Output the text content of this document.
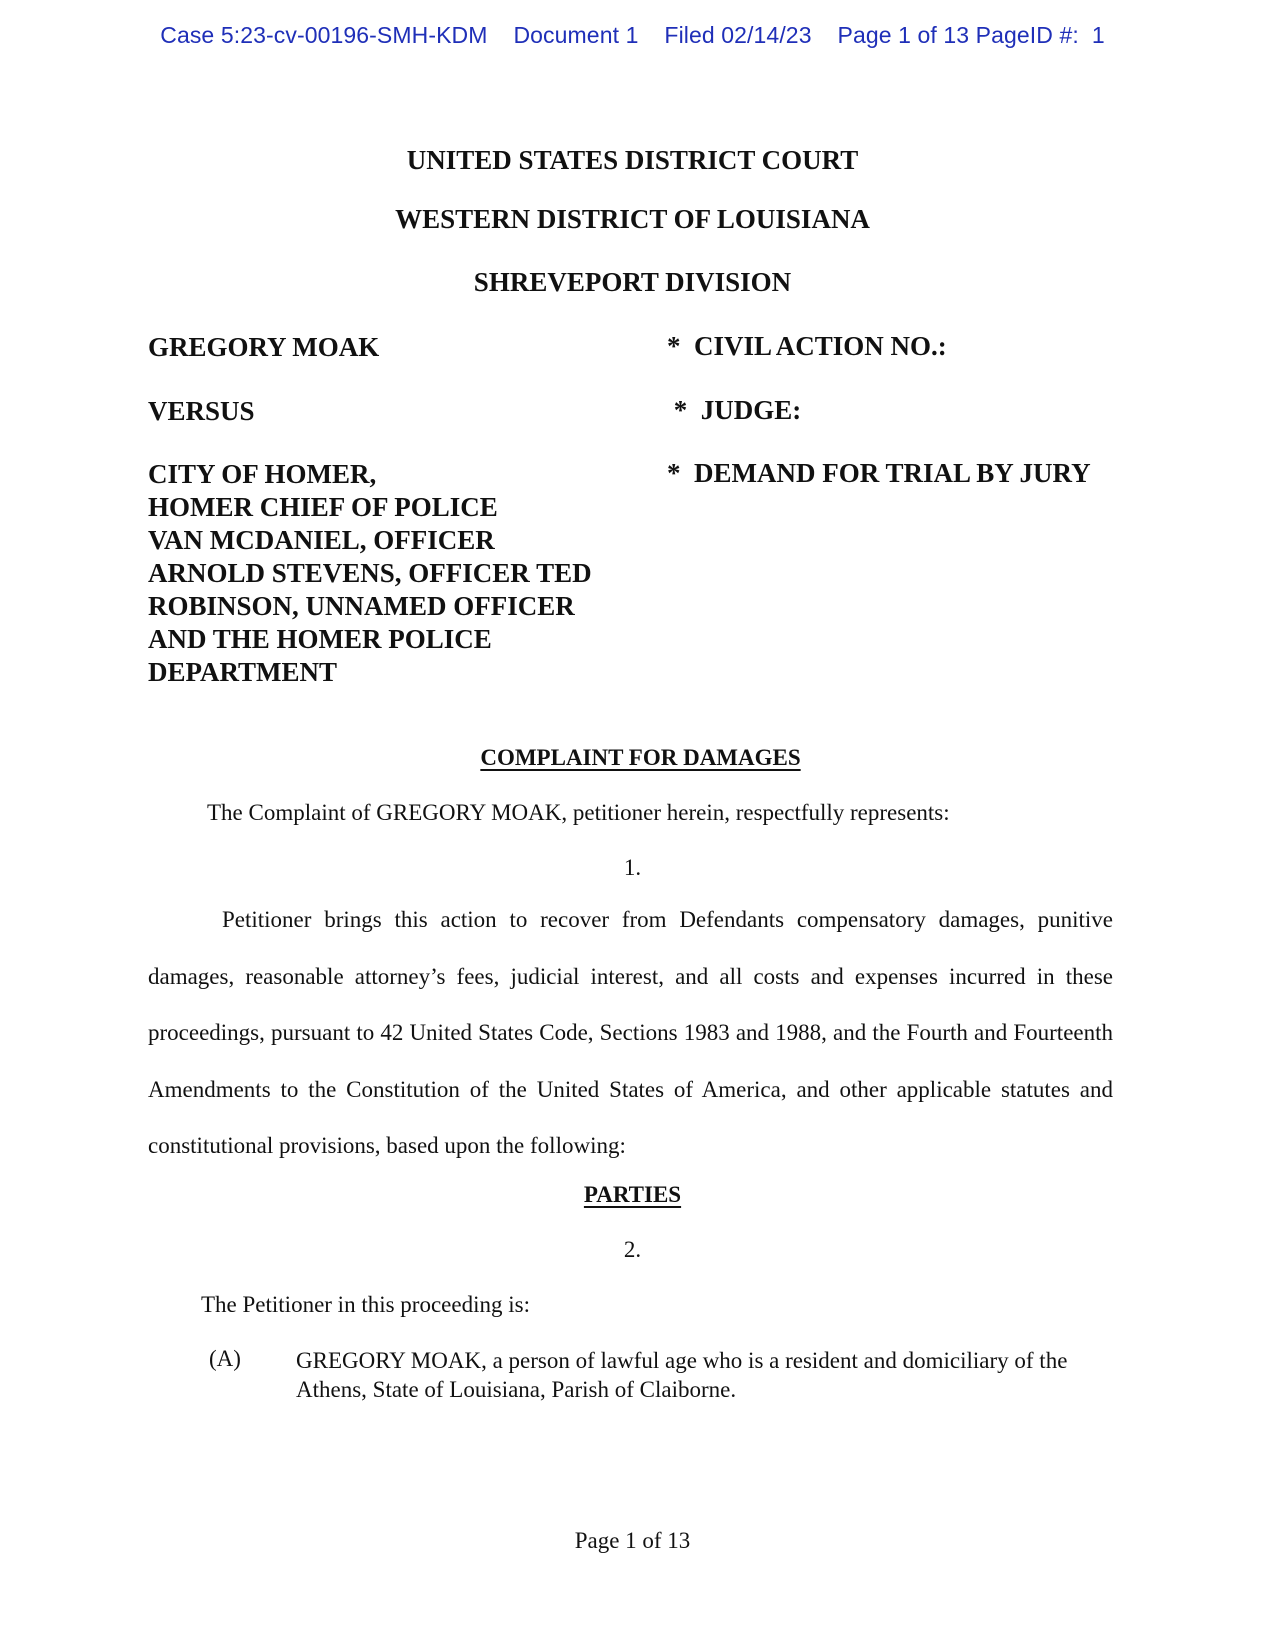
Case 5:23-cv-00196-SMH-KDM    Document 1    Filed 02/14/23    Page 1 of 13 PageID #:  1
UNITED STATES DISTRICT COURT
WESTERN DISTRICT OF LOUISIANA
SHREVEPORT DIVISION
GREGORY MOAK
VERSUS
CITY OF HOMER,
HOMER CHIEF OF POLICE
VAN MCDANIEL, OFFICER
ARNOLD STEVENS, OFFICER TED
ROBINSON, UNNAMED OFFICER
AND THE HOMER POLICE
DEPARTMENT
*  CIVIL ACTION NO.:
*  JUDGE:
*  DEMAND FOR TRIAL BY JURY
COMPLAINT FOR DAMAGES
The Complaint of GREGORY MOAK, petitioner herein, respectfully represents:
1.
Petitioner brings this action to recover from Defendants compensatory damages, punitive damages, reasonable attorney’s fees, judicial interest, and all costs and expenses incurred in these proceedings, pursuant to 42 United States Code, Sections 1983 and 1988, and the Fourth and Fourteenth Amendments to the Constitution of the United States of America, and other applicable statutes and constitutional provisions, based upon the following:
PARTIES
2.
The Petitioner in this proceeding is:
(A) GREGORY MOAK, a person of lawful age who is a resident and domiciliary of the Athens, State of Louisiana, Parish of Claiborne.
Page 1 of 13
